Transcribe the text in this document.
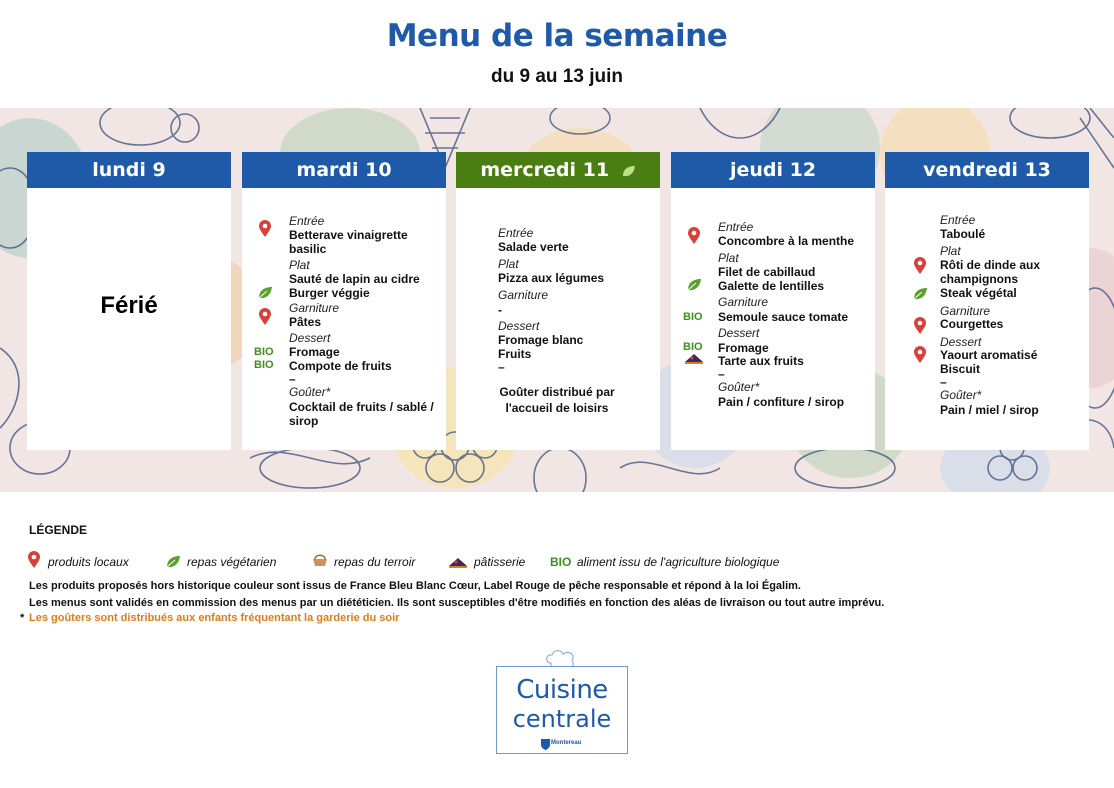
Menu de la semaine
du 9 au 13 juin
lundi 9
Férié
mardi 10
Entrée
Betterave vinaigrette basilic
Plat
Sauté de lapin au cidre
Burger véggie
Garniture
Pâtes
Dessert
BIO Fromage
BIO Compote de fruits
–
Goûter*
Cocktail de fruits / sablé / sirop
mercredi 11
Entrée
Salade verte
Plat
Pizza aux légumes
Garniture
-
Dessert
Fromage blanc
Fruits
–
Goûter distribué par l'accueil de loisirs
jeudi 12
Entrée
Concombre à la menthe
Plat
Filet de cabillaud
Galette de lentilles
Garniture
BIO Semoule sauce tomate
Dessert
BIO Fromage
Tarte aux fruits
–
Goûter*
Pain / confiture / sirop
vendredi 13
Entrée
Taboulé
Plat
Rôti de dinde aux champignons
Steak végétal
Garniture
Courgettes
Dessert
Yaourt aromatisé
Biscuit
–
Goûter*
Pain / miel / sirop
LÉGENDE
produits locaux	repas végétarien	repas du terroir	pâtisserie BIO aliment issu de l'agriculture biologique
Les produits proposés hors historique couleur sont issus de France Bleu Blanc Cœur, Label Rouge de pêche responsable et répond à la loi Égalim.
Les menus sont validés en commission des menus par un diététicien. Ils sont susceptibles d'être modifiés en fonction des aléas de livraison ou tout autre imprévu.
* Les goûters sont distribués aux enfants fréquentant la garderie du soir
Cuisine
centrale
Montereau
